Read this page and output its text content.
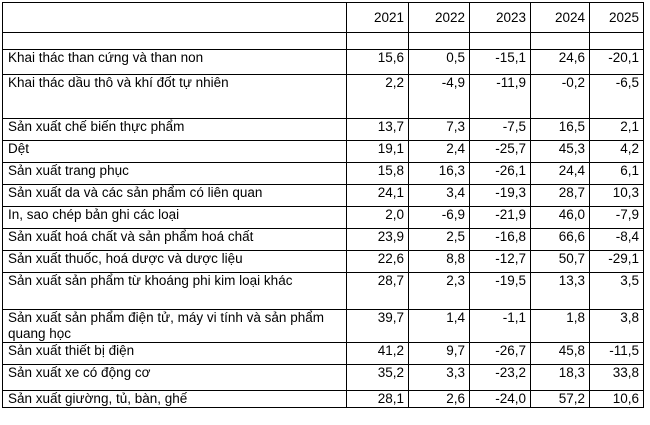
	2021	2022	2023	2024	2025

Khai thác than cứng và than non	15,6	0,5	-15,1	24,6	-20,1
Khai thác dầu thô và khí đốt tự nhiên	2,2	-4,9	-11,9	-0,2	-6,5
Sản xuất chế biến thực phẩm	13,7	7,3	-7,5	16,5	2,1
Dệt	19,1	2,4	-25,7	45,3	4,2
Sản xuất trang phục	15,8	16,3	-26,1	24,4	6,1
Sản xuất da và các sản phẩm có liên quan	24,1	3,4	-19,3	28,7	10,3
In, sao chép bản ghi các loại	2,0	-6,9	-21,9	46,0	-7,9
Sản xuất hoá chất và sản phẩm hoá chất	23,9	2,5	-16,8	66,6	-8,4
Sản xuất thuốc, hoá dược và dược liệu	22,6	8,8	-12,7	50,7	-29,1
Sản xuất sản phẩm từ khoáng phi kim loại khác	28,7	2,3	-19,5	13,3	3,5
Sản xuất sản phẩm điện tử, máy vi tính và sản phẩm quang học	39,7	1,4	-1,1	1,8	3,8
Sản xuất thiết bị điện	41,2	9,7	-26,7	45,8	-11,5
Sản xuất xe có động cơ	35,2	3,3	-23,2	18,3	33,8
Sản xuất giường, tủ, bàn, ghế	28,1	2,6	-24,0	57,2	10,6
